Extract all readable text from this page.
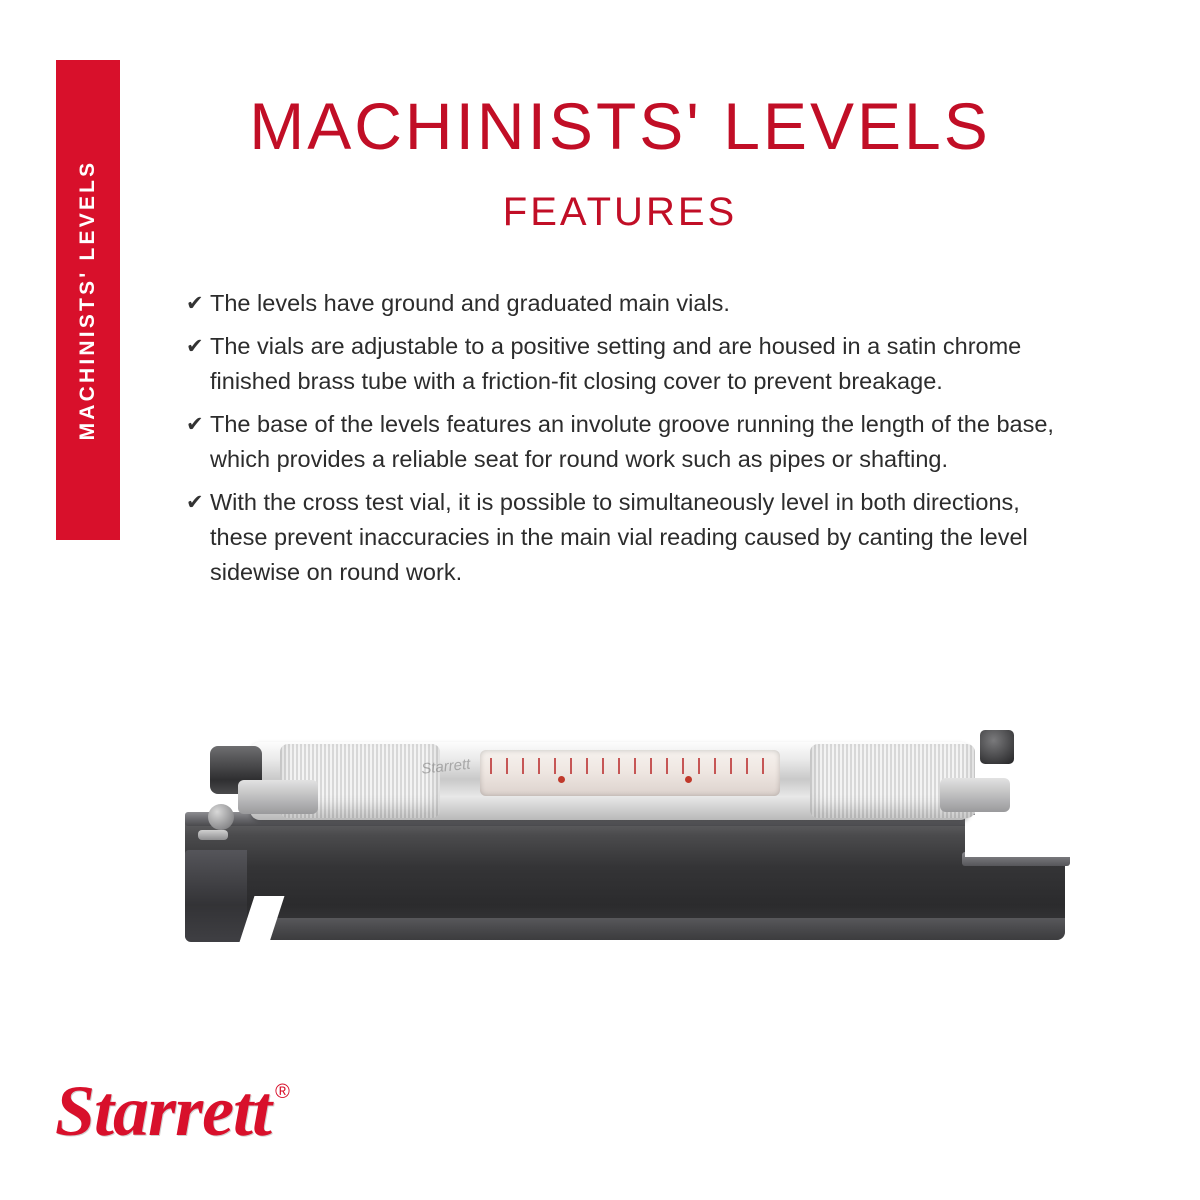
MACHINISTS' LEVELS
MACHINISTS' LEVELS
FEATURES
✔ The levels have ground and graduated main vials.
✔ The vials are adjustable to a positive setting and are housed in a satin chrome finished brass tube with a friction-fit closing cover to prevent breakage.
✔ The base of the levels features an involute groove running the length of the base, which provides a reliable seat for round work such as pipes or shafting.
✔ With the cross test vial, it is possible to simultaneously level in both directions, these prevent inaccuracies in the main vial reading caused by canting the level sidewise on round work.
Starrett
Starrett ®
